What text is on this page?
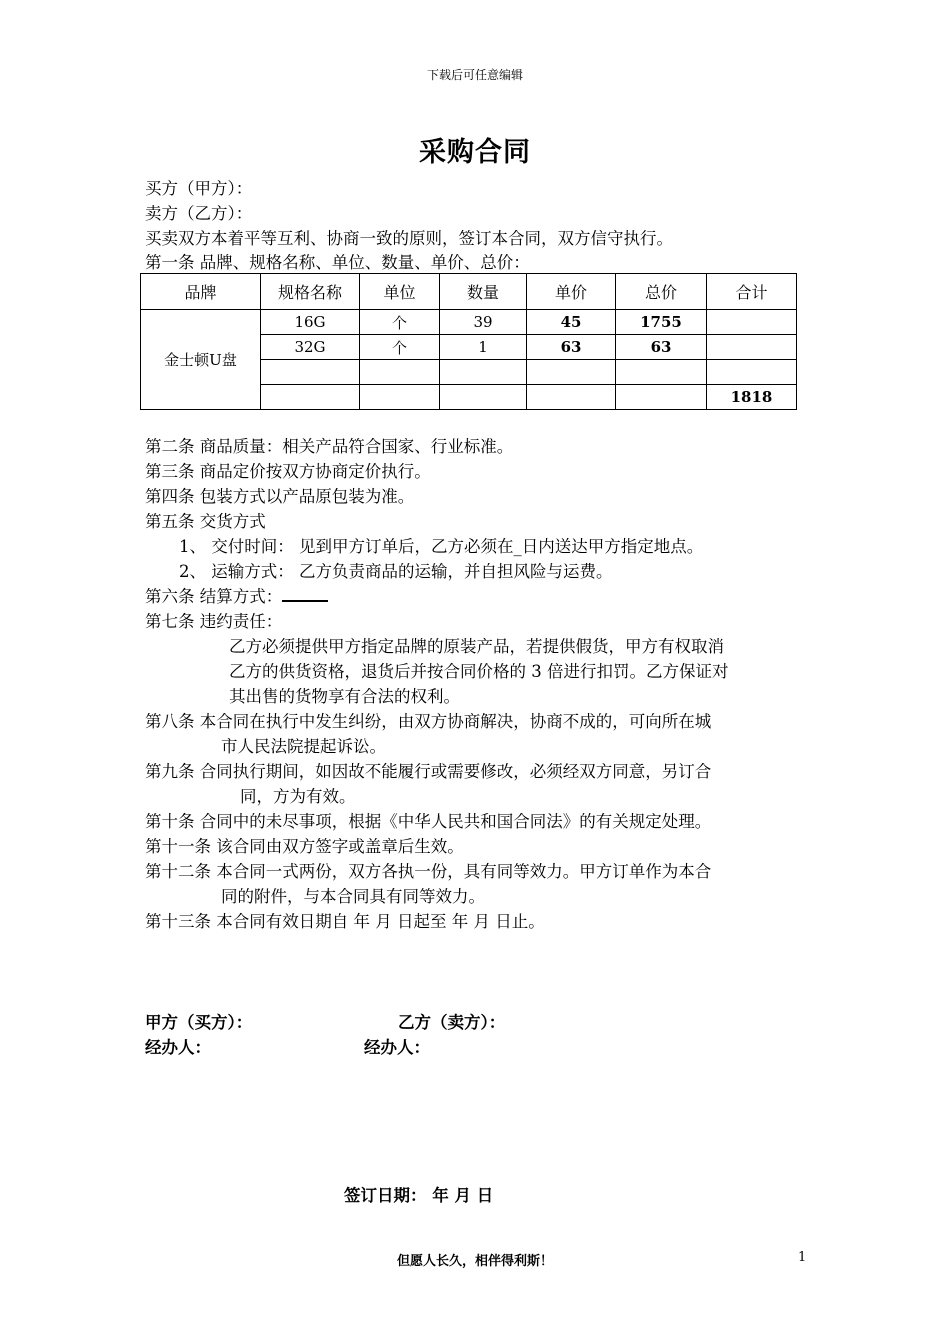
下载后可任意编辑
采购合同
买方（甲方）：
卖方（乙方）：
买卖双方本着平等互利、协商一致的原则，签订本合同，双方信守执行。
第一条 品牌、规格名称、单位、数量、单价、总价：
品牌	规格名称	单位	数量	单价	总价	合计
金士顿U盘	16G	个	39	45	1755	
	32G	个	1	63	63	

						1818
第二条 商品质量：相关产品符合国家、行业标准。
第三条 商品定价按双方协商定价执行。
第四条 包装方式以产品原包装为准。
第五条 交货方式
1、 交付时间： 见到甲方订单后，乙方必须在_日内送达甲方指定地点。
2、 运输方式： 乙方负责商品的运输，并自担风险与运费。
第六条 结算方式：
第七条 违约责任：
乙方必须提供甲方指定品牌的原装产品，若提供假货，甲方有权取消
乙方的供货资格，退货后并按合同价格的 3 倍进行扣罚。乙方保证对
其出售的货物享有合法的权利。
第八条 本合同在执行中发生纠纷，由双方协商解决，协商不成的，可向所在城
市人民法院提起诉讼。
第九条 合同执行期间，如因故不能履行或需要修改，必须经双方同意，另订合
同，方为有效。
第十条 合同中的未尽事项，根据《中华人民共和国合同法》的有关规定处理。
第十一条 该合同由双方签字或盖章后生效。
第十二条 本合同一式两份，双方各执一份，具有同等效力。甲方订单作为本合
同的附件，与本合同具有同等效力。
第十三条 本合同有效日期自 年 月 日起至 年 月 日止。
甲方（买方）：	乙方（卖方）：
经办人：	经办人：
签订日期： 年 月 日
但愿人长久，相伴得利斯！	1
